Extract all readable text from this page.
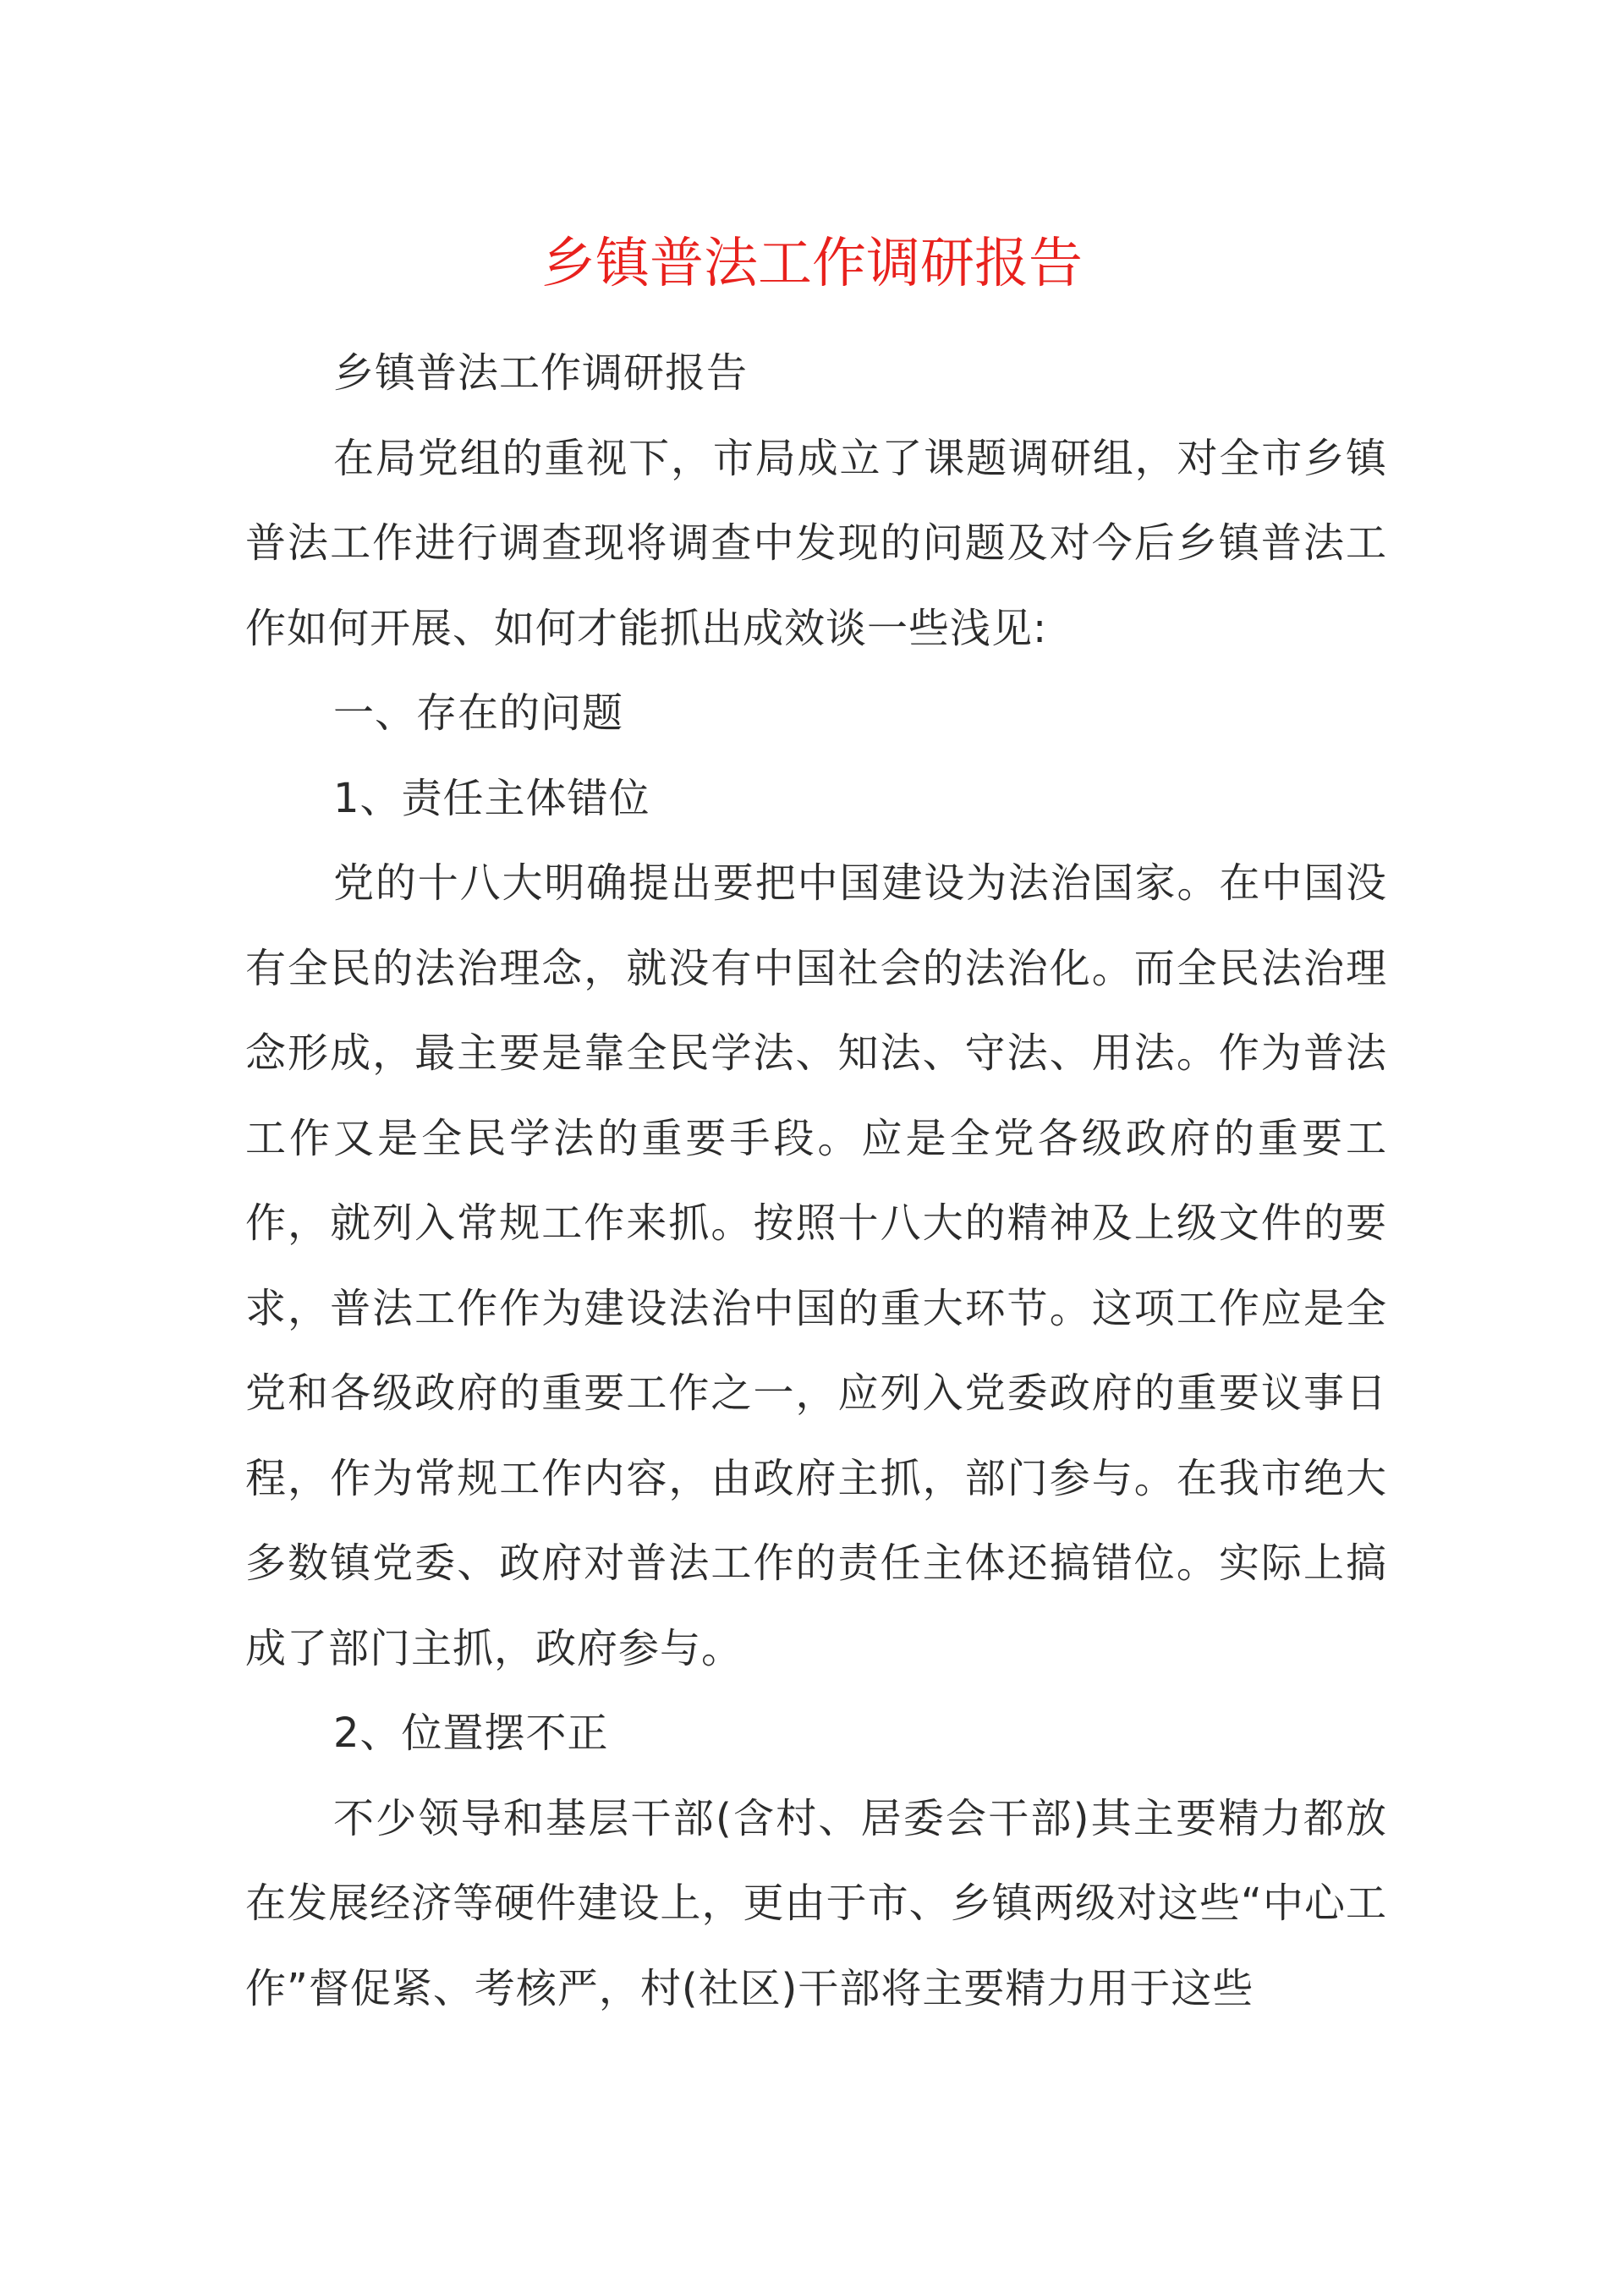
乡镇普法工作调研报告

乡镇普法工作调研报告

在局党组的重视下，市局成立了课题调研组，对全市乡镇普法工作进行调查现将调查中发现的问题及对今后乡镇普法工作如何开展、如何才能抓出成效谈一些浅见:

一、存在的问题

1、责任主体错位

党的十八大明确提出要把中国建设为法治国家。在中国没有全民的法治理念，就没有中国社会的法治化。而全民法治理念形成，最主要是靠全民学法、知法、守法、用法。作为普法工作又是全民学法的重要手段。应是全党各级政府的重要工作，就列入常规工作来抓。按照十八大的精神及上级文件的要求，普法工作作为建设法治中国的重大环节。这项工作应是全党和各级政府的重要工作之一，应列入党委政府的重要议事日程，作为常规工作内容，由政府主抓，部门参与。在我市绝大多数镇党委、政府对普法工作的责任主体还搞错位。实际上搞成了部门主抓，政府参与。

2、位置摆不正

不少领导和基层干部(含村、居委会干部)其主要精力都放在发展经济等硬件建设上，更由于市、乡镇两级对这些“中心工作”督促紧、考核严，村(社区)干部将主要精力用于这些
